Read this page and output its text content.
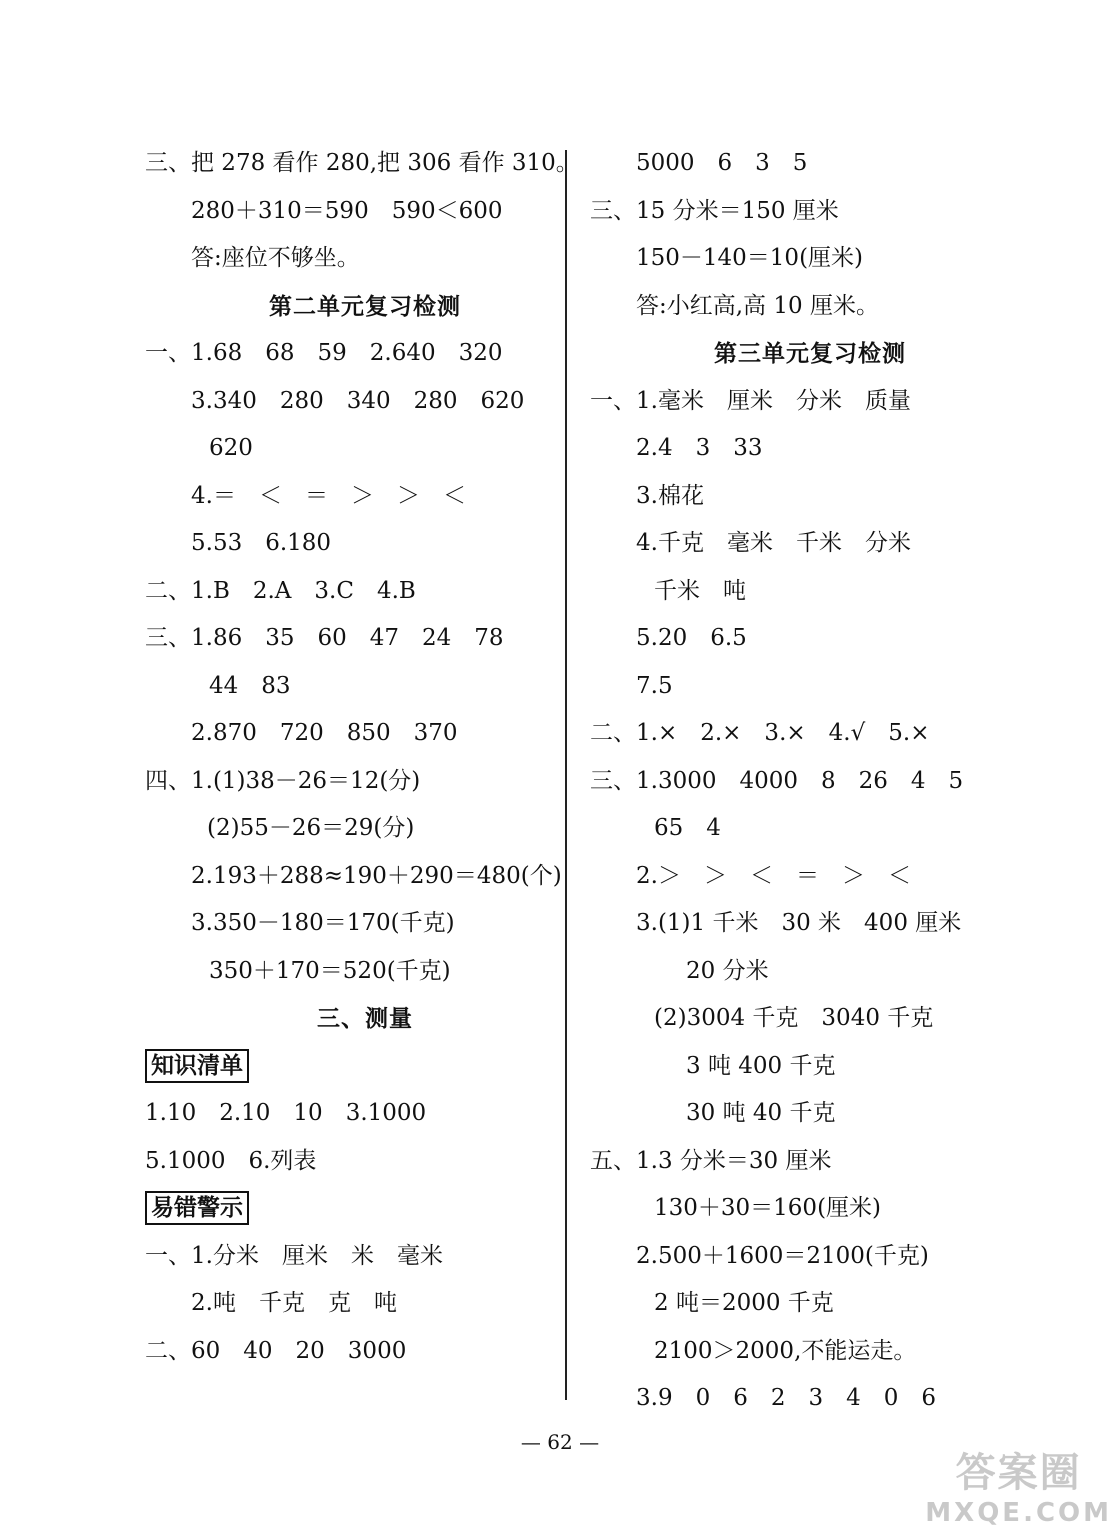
三、把 278 看作 280,把 306 看作 310。
280＋310＝590　590＜600
答:座位不够坐。
第二单元复习检测
一、1.68　68　59　2.640　320
3.340　280　340　280　620
620
4.＝　＜　＝　＞　＞　＜
5.53　6.180
二、1.B　2.A　3.C　4.B
三、1.86　35　60　47　24　78
44　83
2.870　720　850　370
四、1.(1)38－26＝12(分)
(2)55－26＝29(分)
2.193＋288≈190＋290＝480(个)
3.350－180＝170(千克)
350＋170＝520(千克)
三、测量
知识清单
1.10　2.10　10　3.1000
5.1000　6.列表
易错警示
一、1.分米　厘米　米　毫米
2.吨　千克　克　吨
二、60　40　20　3000
5000　6　3　5
三、15 分米＝150 厘米
150－140＝10(厘米)
答:小红高,高 10 厘米。
第三单元复习检测
一、1.毫米　厘米　分米　质量
2.4　3　33
3.棉花
4.千克　毫米　千米　分米
千米　吨
5.20　6.5
7.5
二、1.×　2.×　3.×　4.√　5.×
三、1.3000　4000　8　26　4　5
65　4
2.＞　＞　＜　＝　＞　＜
3.(1)1 千米　30 米　400 厘米
20 分米
(2)3004 千克　3040 千克
3 吨 400 千克
30 吨 40 千克
五、1.3 分米＝30 厘米
130＋30＝160(厘米)
2.500＋1600＝2100(千克)
2 吨＝2000 千克
2100＞2000,不能运走。
3.9　0　6　2　3　4　0　6
— 62 —
答案圈
MXQE.COM
